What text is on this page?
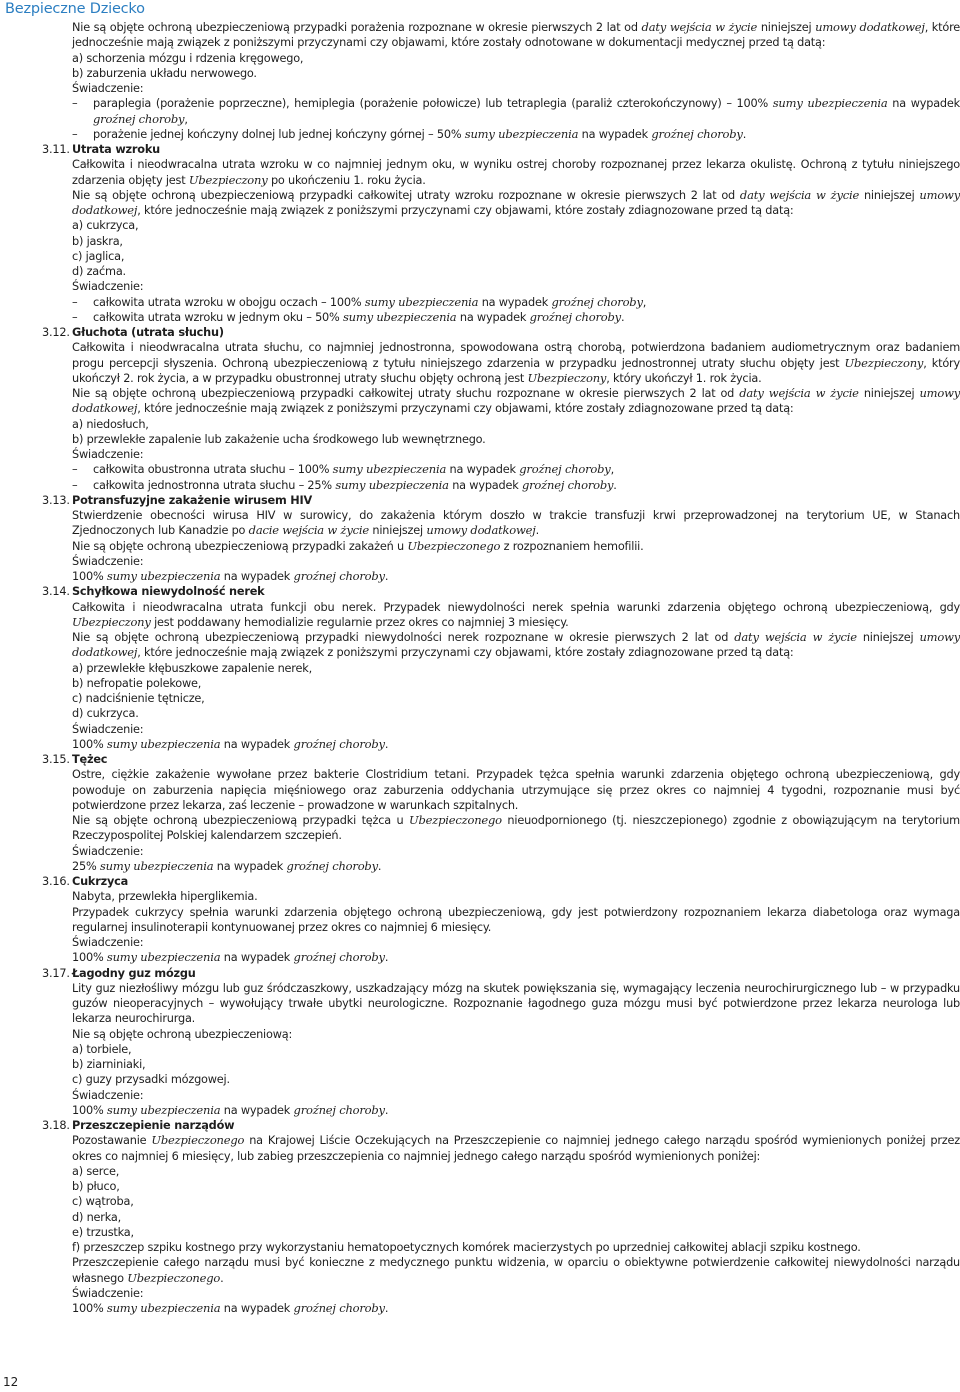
Bezpieczne Dziecko
Nie są objęte ochroną ubezpieczeniową przypadki porażenia rozpoznane w okresie pierwszych 2 lat od daty wejścia w życie niniejszej umowy dodatkowej, które jednocześnie mają związek z poniższymi przyczynami czy objawami, które zostały odnotowane w dokumentacji medycznej przed tą datą:
a) schorzenia mózgu i rdzenia kręgowego,
b) zaburzenia układu nerwowego.
Świadczenie:
– paraplegia (porażenie poprzeczne), hemiplegia (porażenie połowicze) lub tetraplegia (paraliż czterokończynowy) – 100% sumy ubezpieczenia na wypadek groźnej choroby,
– porażenie jednej kończyny dolnej lub jednej kończyny górnej – 50% sumy ubezpieczenia na wypadek groźnej choroby.
3.11. Utrata wzroku
Całkowita i nieodwracalna utrata wzroku w co najmniej jednym oku, w wyniku ostrej choroby rozpoznanej przez lekarza okulistę. Ochroną z tytułu niniejszego zdarzenia objęty jest Ubezpieczony po ukończeniu 1. roku życia.
Nie są objęte ochroną ubezpieczeniową przypadki całkowitej utraty wzroku rozpoznane w okresie pierwszych 2 lat od daty wejścia w życie niniejszej umowy dodatkowej, które jednocześnie mają związek z poniższymi przyczynami czy objawami, które zostały zdiagnozowane przed tą datą:
a) cukrzyca,
b) jaskra,
c) jaglica,
d) zaćma.
Świadczenie:
– całkowita utrata wzroku w obojgu oczach – 100% sumy ubezpieczenia na wypadek groźnej choroby,
– całkowita utrata wzroku w jednym oku – 50% sumy ubezpieczenia na wypadek groźnej choroby.
3.12. Głuchota (utrata słuchu)
Całkowita i nieodwracalna utrata słuchu, co najmniej jednostronna, spowodowana ostrą chorobą, potwierdzona badaniem audiometrycznym oraz badaniem progu percepcji słyszenia. Ochroną ubezpieczeniową z tytułu niniejszego zdarzenia w przypadku jednostronnej utraty słuchu objęty jest Ubezpieczony, który ukończył 2. rok życia, a w przypadku obustronnej utraty słuchu objęty ochroną jest Ubezpieczony, który ukończył 1. rok życia.
Nie są objęte ochroną ubezpieczeniową przypadki całkowitej utraty słuchu rozpoznane w okresie pierwszych 2 lat od daty wejścia w życie niniejszej umowy dodatkowej, które jednocześnie mają związek z poniższymi przyczynami czy objawami, które zostały zdiagnozowane przed tą datą:
a) niedosłuch,
b) przewlekłe zapalenie lub zakażenie ucha środkowego lub wewnętrznego.
Świadczenie:
– całkowita obustronna utrata słuchu – 100% sumy ubezpieczenia na wypadek groźnej choroby,
– całkowita jednostronna utrata słuchu – 25% sumy ubezpieczenia na wypadek groźnej choroby.
3.13. Potransfuzyjne zakażenie wirusem HIV
Stwierdzenie obecności wirusa HIV w surowicy, do zakażenia którym doszło w trakcie transfuzji krwi przeprowadzonej na terytorium UE, w Stanach Zjednoczonych lub Kanadzie po dacie wejścia w życie niniejszej umowy dodatkowej.
Nie są objęte ochroną ubezpieczeniową przypadki zakażeń u Ubezpieczonego z rozpoznaniem hemofilii.
Świadczenie:
100% sumy ubezpieczenia na wypadek groźnej choroby.
3.14. Schyłkowa niewydolność nerek
Całkowita i nieodwracalna utrata funkcji obu nerek. Przypadek niewydolności nerek spełnia warunki zdarzenia objętego ochroną ubezpieczeniową, gdy Ubezpieczony jest poddawany hemodializie regularnie przez okres co najmniej 3 miesięcy.
Nie są objęte ochroną ubezpieczeniową przypadki niewydolności nerek rozpoznane w okresie pierwszych 2 lat od daty wejścia w życie niniejszej umowy dodatkowej, które jednocześnie mają związek z poniższymi przyczynami czy objawami, które zostały zdiagnozowane przed tą datą:
a) przewlekłe kłębuszkowe zapalenie nerek,
b) nefropatie polekowe,
c) nadciśnienie tętnicze,
d) cukrzyca.
Świadczenie:
100% sumy ubezpieczenia na wypadek groźnej choroby.
3.15. Tężec
Ostre, ciężkie zakażenie wywołane przez bakterie Clostridium tetani. Przypadek tężca spełnia warunki zdarzenia objętego ochroną ubezpieczeniową, gdy powoduje on zaburzenia napięcia mięśniowego oraz zaburzenia oddychania utrzymujące się przez okres co najmniej 4 tygodni, rozpoznanie musi być potwierdzone przez lekarza, zaś leczenie – prowadzone w warunkach szpitalnych.
Nie są objęte ochroną ubezpieczeniową przypadki tężca u Ubezpieczonego nieuodpornionego (tj. nieszczepionego) zgodnie z obowiązującym na terytorium Rzeczypospolitej Polskiej kalendarzem szczepień.
Świadczenie:
25% sumy ubezpieczenia na wypadek groźnej choroby.
3.16. Cukrzyca
Nabyta, przewlekła hiperglikemia.
Przypadek cukrzycy spełnia warunki zdarzenia objętego ochroną ubezpieczeniową, gdy jest potwierdzony rozpoznaniem lekarza diabetologa oraz wymaga regularnej insulinoterapii kontynuowanej przez okres co najmniej 6 miesięcy.
Świadczenie:
100% sumy ubezpieczenia na wypadek groźnej choroby.
3.17. Łagodny guz mózgu
Lity guz niezłośliwy mózgu lub guz śródczaszkowy, uszkadzający mózg na skutek powiększania się, wymagający leczenia neurochirurgicznego lub – w przypadku guzów nieoperacyjnych – wywołujący trwałe ubytki neurologiczne. Rozpoznanie łagodnego guza mózgu musi być potwierdzone przez lekarza neurologa lub lekarza neurochirurga.
Nie są objęte ochroną ubezpieczeniową:
a) torbiele,
b) ziarniniaki,
c) guzy przysadki mózgowej.
Świadczenie:
100% sumy ubezpieczenia na wypadek groźnej choroby.
3.18. Przeszczepienie narządów
Pozostawanie Ubezpieczonego na Krajowej Liście Oczekujących na Przeszczepienie co najmniej jednego całego narządu spośród wymienionych poniżej przez okres co najmniej 6 miesięcy, lub zabieg przeszczepienia co najmniej jednego całego narządu spośród wymienionych poniżej:
a) serce,
b) płuco,
c) wątroba,
d) nerka,
e) trzustka,
f) przeszczep szpiku kostnego przy wykorzystaniu hematopoetycznych komórek macierzystych po uprzedniej całkowitej ablacji szpiku kostnego.
Przeszczepienie całego narządu musi być konieczne z medycznego punktu widzenia, w oparciu o obiektywne potwierdzenie całkowitej niewydolności narządu własnego Ubezpieczonego.
Świadczenie:
100% sumy ubezpieczenia na wypadek groźnej choroby.
12
